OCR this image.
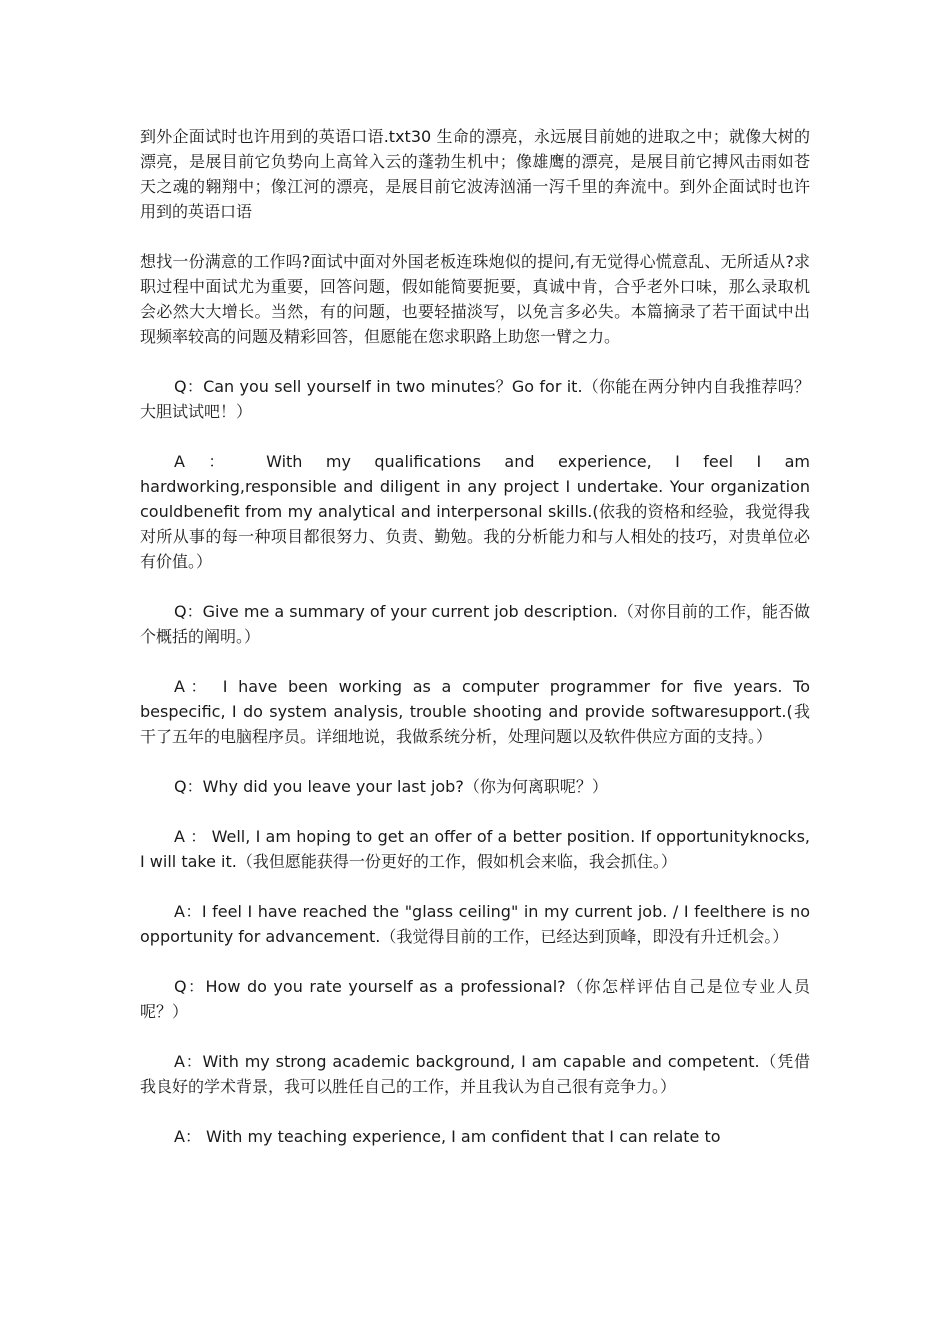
到外企面试时也许用到的英语口语.txt30 生命的漂亮，永远展目前她的进取之中；就像大树的漂亮，是展目前它负势向上高耸入云的蓬勃生机中；像雄鹰的漂亮，是展目前它搏风击雨如苍天之魂的翱翔中；像江河的漂亮，是展目前它波涛汹涌一泻千里的奔流中。到外企面试时也许用到的英语口语

想找一份满意的工作吗?面试中面对外国老板连珠炮似的提问,有无觉得心慌意乱、无所适从?求职过程中面试尤为重要，回答问题，假如能简要扼要，真诚中肯，合乎老外口味，那么录取机会必然大大增长。当然，有的问题，也要轻描淡写，以免言多必失。本篇摘录了若干面试中出现频率较高的问题及精彩回答，但愿能在您求职路上助您一臂之力。

Q：Can you sell yourself in two minutes？Go for it.（你能在两分钟内自我推荐吗？大胆试试吧！）

A ： With my qualifications and experience, I feel I am hardworking,responsible and diligent in any project I undertake. Your organization couldbenefit from my analytical and interpersonal skills.(依我的资格和经验，我觉得我对所从事的每一种项目都很努力、负责、勤勉。我的分析能力和与人相处的技巧，对贵单位必有价值。）

Q：Give me a summary of your current job description.（对你目前的工作，能否做个概括的阐明。）

A： I have been working as a computer programmer for five years. To bespecific, I do system analysis, trouble shooting and provide softwaresupport.(我干了五年的电脑程序员。详细地说，我做系统分析，处理问题以及软件供应方面的支持。）

Q：Why did you leave your last job?（你为何离职呢？）

A ： Well, I am hoping to get an offer of a better position. If opportunityknocks, I will take it.（我但愿能获得一份更好的工作，假如机会来临，我会抓住。）

A：I feel I have reached the "glass ceiling" in my current job. / I feelthere is no opportunity for advancement.（我觉得目前的工作，已经达到顶峰，即没有升迁机会。）

Q：How do you rate yourself as a professional?（你怎样评估自己是位专业人员呢？）

A：With my strong academic background, I am capable and competent.（凭借我良好的学术背景，我可以胜任自己的工作，并且我认为自己很有竞争力。）

A： With my teaching experience, I am confident that I can relate to
